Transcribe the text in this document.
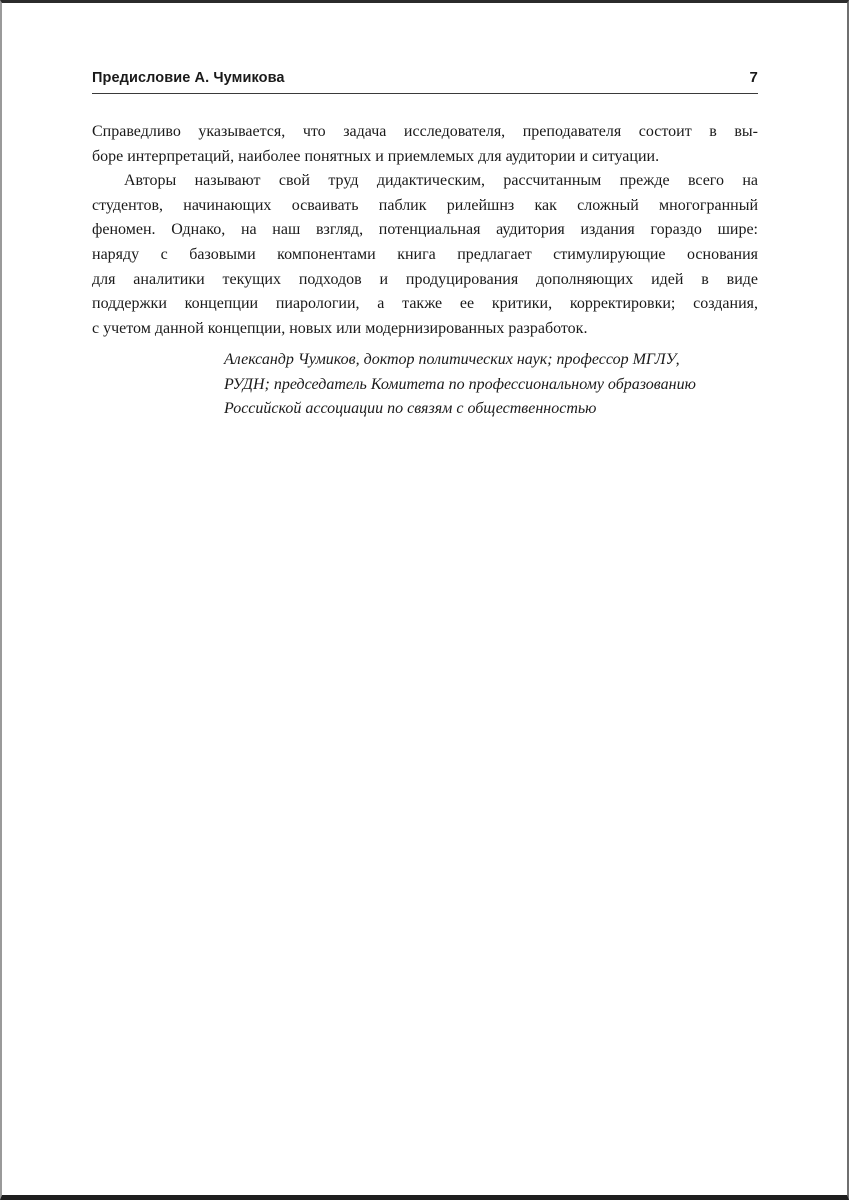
Предисловие А. Чумикова	7
Справедливо указывается, что задача исследователя, преподавателя состоит в вы-
боре интерпретаций, наиболее понятных и приемлемых для аудитории и ситуации.
Авторы называют свой труд дидактическим, рассчитанным прежде всего на
студентов, начинающих осваивать паблик рилейшнз как сложный многогранный
феномен. Однако, на наш взгляд, потенциальная аудитория издания гораздо шире:
наряду с базовыми компонентами книга предлагает стимулирующие основания
для аналитики текущих подходов и продуцирования дополняющих идей в виде
поддержки концепции пиарологии, а также ее критики, корректировки; создания,
с учетом данной концепции, новых или модернизированных разработок.
Александр Чумиков, доктор политических наук; профессор МГЛУ,
РУДН; председатель Комитета по профессиональному образованию
Российской ассоциации по связям с общественностью
